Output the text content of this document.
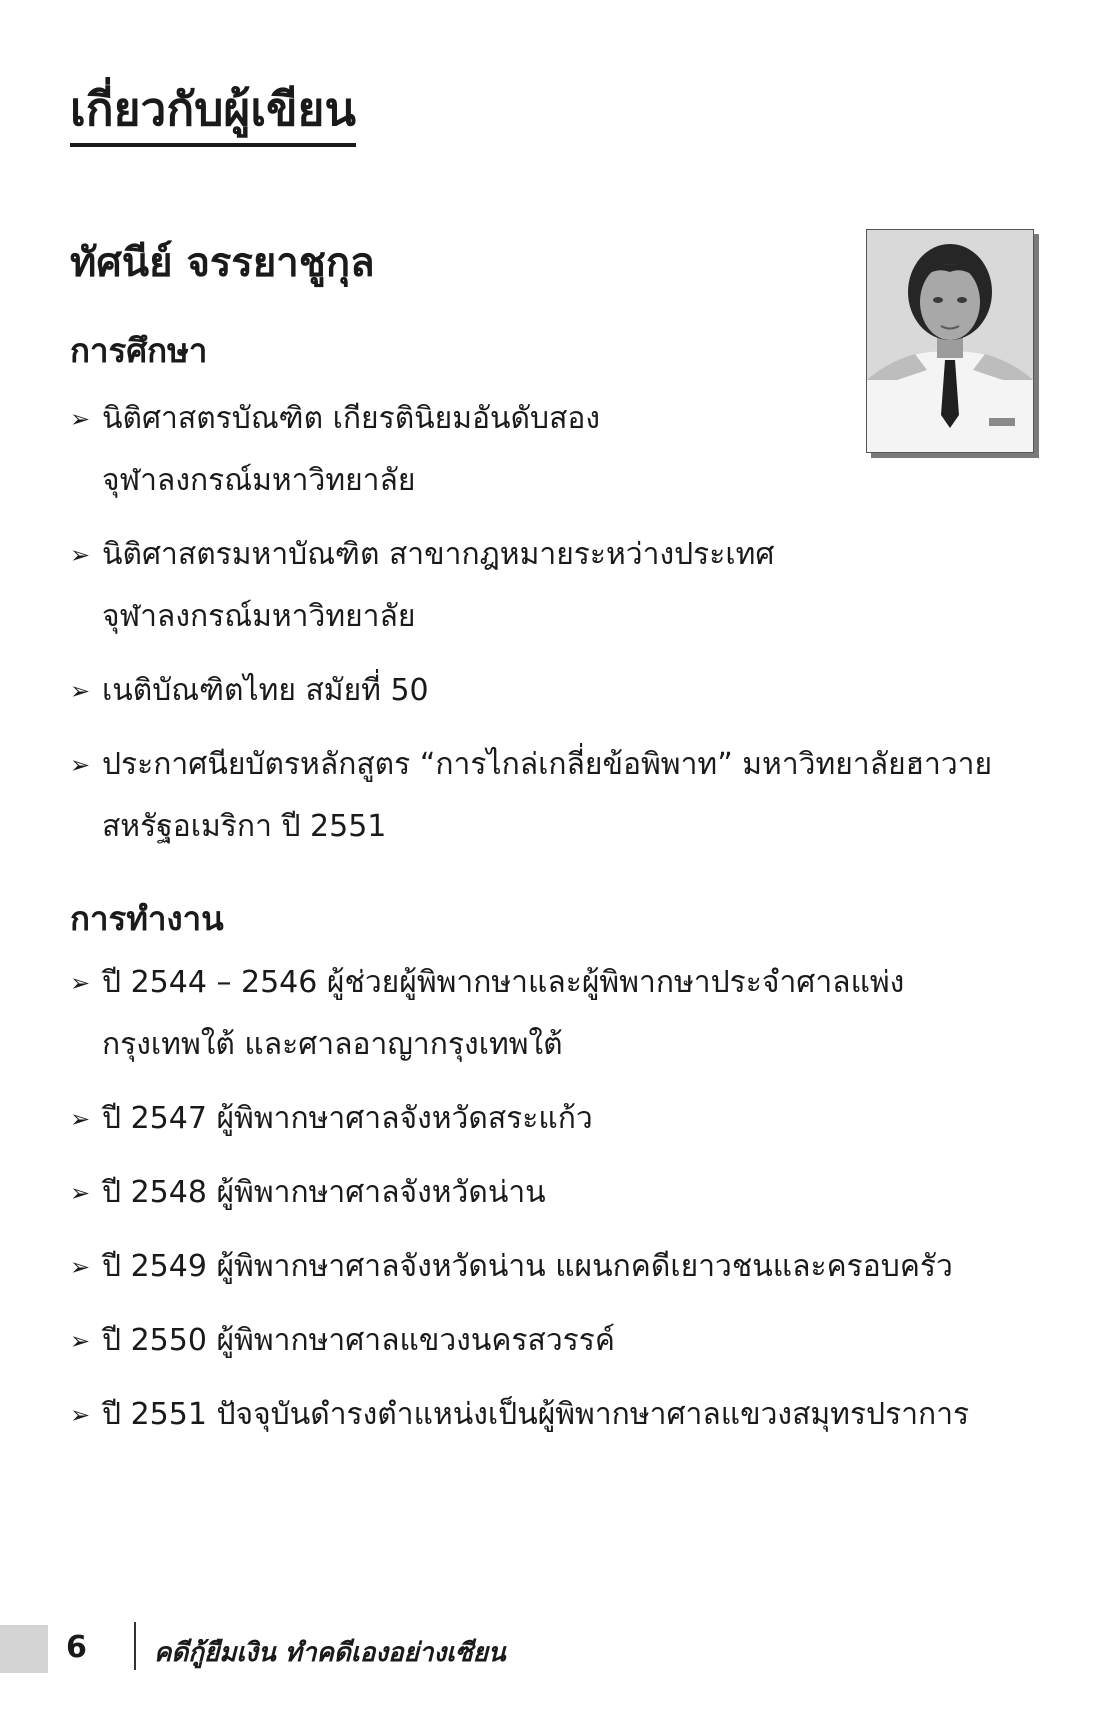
เกี่ยวกับผู้เขียน
ทัศนีย์ จรรยาชูกุล
การศึกษา
➢ นิติศาสตรบัณฑิต เกียรตินิยมอันดับสอง
จุฬาลงกรณ์มหาวิทยาลัย
➢ นิติศาสตรมหาบัณฑิต สาขากฎหมายระหว่างประเทศ
จุฬาลงกรณ์มหาวิทยาลัย
➢ เนติบัณฑิตไทย สมัยที่ 50
➢ ประกาศนียบัตรหลักสูตร “การไกล่เกลี่ยข้อพิพาท” มหาวิทยาลัยฮาวาย
สหรัฐอเมริกา ปี 2551
การทำงาน
➢ ปี 2544 – 2546 ผู้ช่วยผู้พิพากษาและผู้พิพากษาประจำศาลแพ่ง
กรุงเทพใต้ และศาลอาญากรุงเทพใต้
➢ ปี 2547 ผู้พิพากษาศาลจังหวัดสระแก้ว
➢ ปี 2548 ผู้พิพากษาศาลจังหวัดน่าน
➢ ปี 2549 ผู้พิพากษาศาลจังหวัดน่าน แผนกคดีเยาวชนและครอบครัว
➢ ปี 2550 ผู้พิพากษาศาลแขวงนครสวรรค์
➢ ปี 2551 ปัจจุบันดำรงตำแหน่งเป็นผู้พิพากษาศาลแขวงสมุทรปราการ
6	คดีกู้ยืมเงิน ทำคดีเองอย่างเซียน
